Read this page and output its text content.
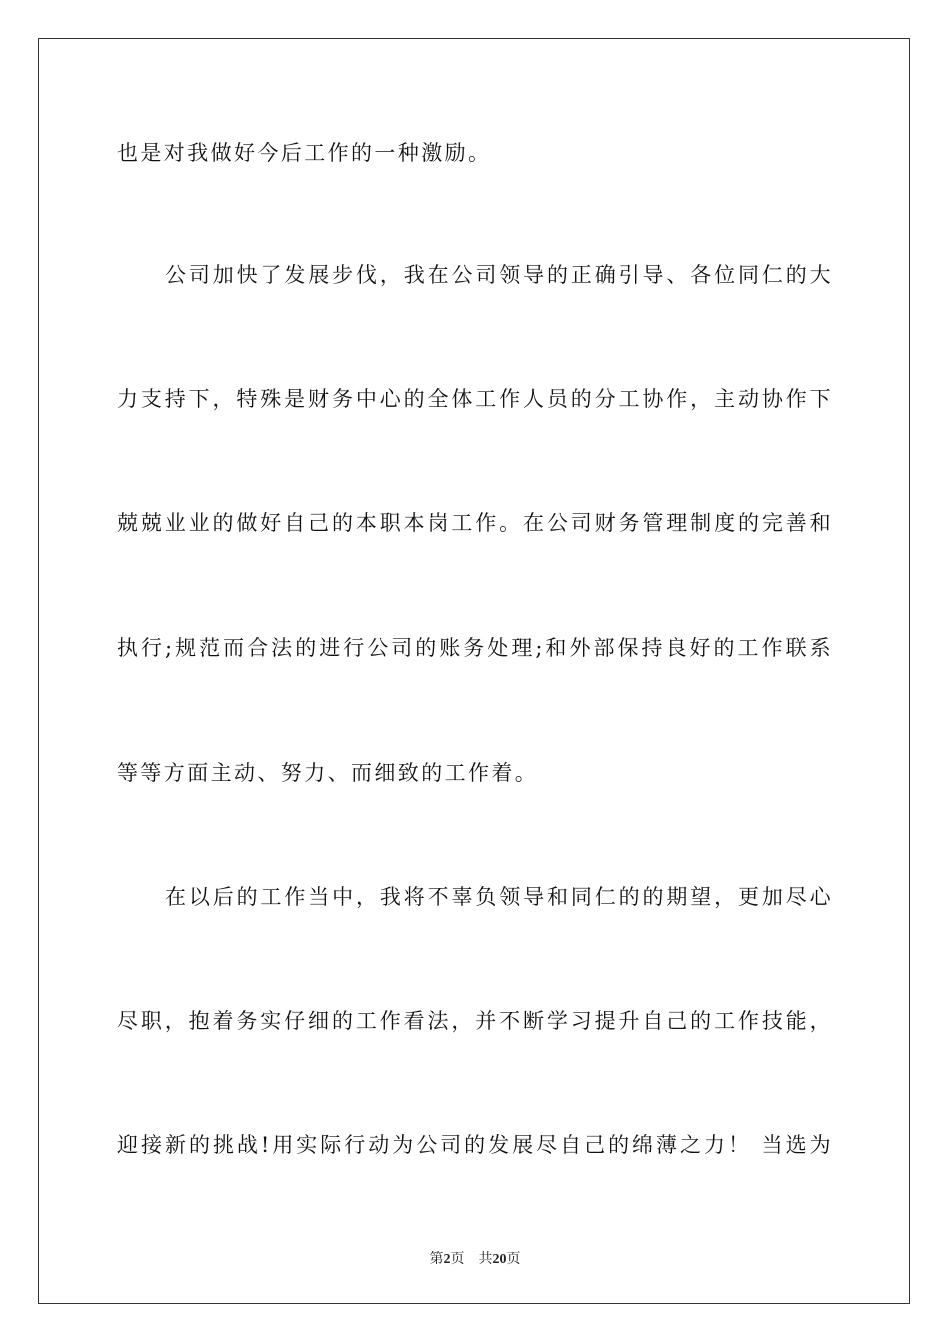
也是对我做好今后工作的一种激励。
公司加快了发展步伐，我在公司领导的正确引导、各位同仁的大
力支持下，特殊是财务中心的全体工作人员的分工协作，主动协作下
兢兢业业的做好自己的本职本岗工作。在公司财务管理制度的完善和
执行;规范而合法的进行公司的账务处理;和外部保持良好的工作联系
等等方面主动、努力、而细致的工作着。
在以后的工作当中，我将不辜负领导和同仁的的期望，更加尽心
尽职，抱着务实仔细的工作看法，并不断学习提升自己的工作技能，
迎接新的挑战!用实际行动为公司的发展尽自己的绵薄之力！ 当选为
第2页 共20页
